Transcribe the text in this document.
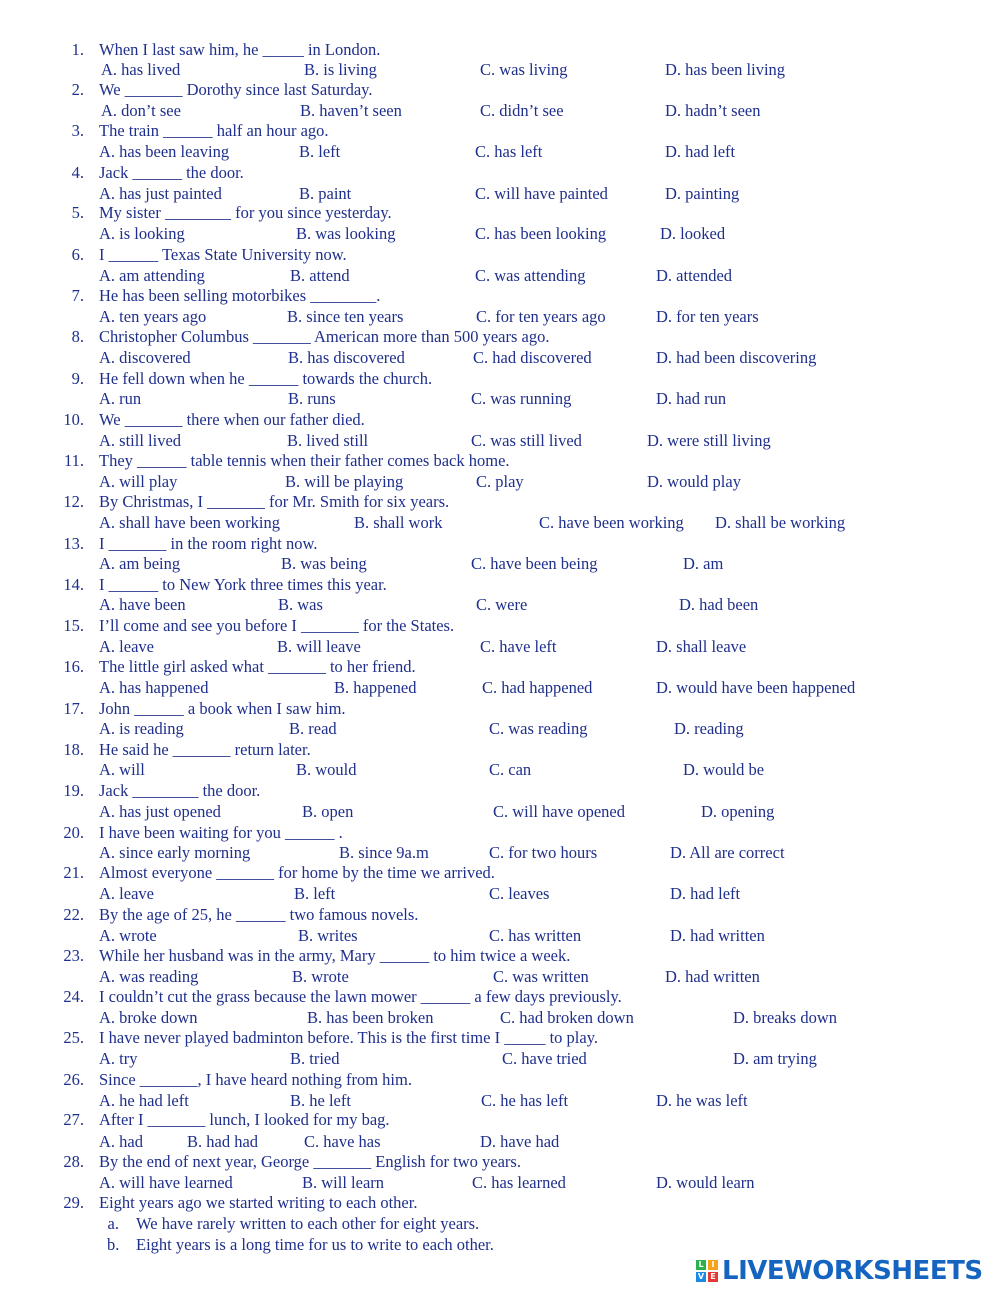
1. When I last saw him, he _____ in London.
A. has lived	B. is living	C. was living	D. has been living
2. We _______ Dorothy since last Saturday.
A. don’t see	B. haven’t seen	C. didn’t see	D. hadn’t seen
3. The train ______ half an hour ago.
A. has been leaving	B. left	C. has left	D. had left
4. Jack ______ the door.
A. has just painted	B. paint	C. will have painted	D. painting
5. My sister ________ for you since yesterday.
A. is looking	B. was looking	C. has been looking	D. looked
6. I ______ Texas State University now.
A. am attending	B. attend	C. was attending	D. attended
7. He has been selling motorbikes ________.
A. ten years ago	B. since ten years	C. for ten years ago	D. for ten years
8. Christopher Columbus _______ American more than 500 years ago.
A. discovered	B. has discovered	C. had discovered	D. had been discovering
9. He fell down when he ______ towards the church.
A. run	B. runs	C. was running	D. had run
10. We _______ there when our father died.
A. still lived	B. lived still	C. was still lived	D. were still living
11. They ______ table tennis when their father comes back home.
A. will play	B. will be playing	C. play	D. would play
12. By Christmas, I _______ for Mr. Smith for six years.
A. shall have been working	B. shall work	C. have been working D. shall be working
13. I _______ in the room right now.
A. am being	B. was being	C. have been being	D. am
14. I ______ to New York three times this year.
A. have been	B. was	C. were	D. had been
15. I’ll come and see you before I _______ for the States.
A. leave	B. will leave	C. have left	D. shall leave
16. The little girl asked what _______ to her friend.
A. has happened	B. happened	C. had happened	D. would have been happened
17. John ______ a book when I saw him.
A. is reading	B. read	C. was reading	D. reading
18. He said he _______ return later.
A. will	B. would	C. can	D. would be
19. Jack ________ the door.
A. has just opened	B. open	C. will have opened	D. opening
20. I have been waiting for you ______ .
A. since early morning	B. since 9a.m	C. for two hours	D. All are correct
21. Almost everyone _______ for home by the time we arrived.
A. leave	B. left	C. leaves	D. had left
22. By the age of 25, he ______ two famous novels.
A. wrote	B. writes	C. has written	D. had written
23. While her husband was in the army, Mary ______ to him twice a week.
A. was reading	B. wrote	C. was written	D. had written
24. I couldn’t cut the grass because the lawn mower ______ a few days previously.
A. broke down	B. has been broken	C. had broken down	D. breaks down
25. I have never played badminton before. This is the first time I _____ to play.
A. try	B. tried	C. have tried	D. am trying
26. Since _______, I have heard nothing from him.
A. he had left	B. he left	C. he has left	D. he was left
27. After I _______ lunch, I looked for my bag.
A. had	B. had had	C. have has	D. have had
28. By the end of next year, George _______ English for two years.
A. will have learned	B. will learn	C. has learned	D. would learn
29. Eight years ago we started writing to each other.
a. We have rarely written to each other for eight years.
b. Eight years is a long time for us to write to each other.
L I
V E LIVEWORKSHEETS
